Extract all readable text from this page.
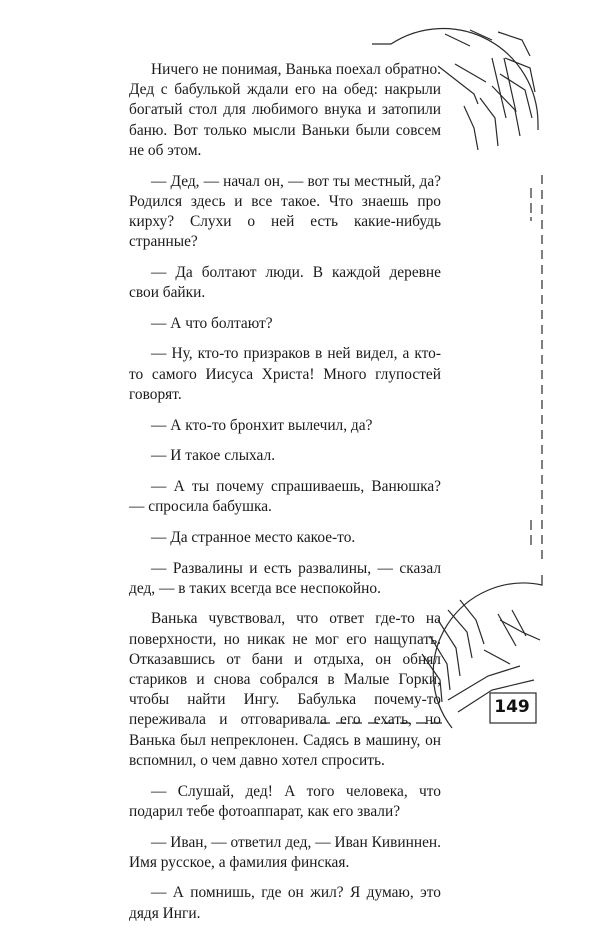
Ничего не понимая, Ванька поехал обратно. Дед с бабулькой ждали его на обед: накрыли богатый стол для любимого внука и затопили баню. Вот только мысли Ваньки были совсем не об этом.

— Дед, — начал он, — вот ты местный, да? Родился здесь и все такое. Что знаешь про кирху? Слухи о ней есть какие-нибудь странные?

— Да болтают люди. В каждой деревне свои байки.

— А что болтают?

— Ну, кто-то призраков в ней видел, а кто-то самого Иисуса Христа! Много глупостей говорят.

— А кто-то бронхит вылечил, да?

— И такое слыхал.

— А ты почему спрашиваешь, Ванюшка? — спросила бабушка.

— Да странное место какое-то.

— Развалины и есть развалины, — сказал дед, — в таких всегда все неспокойно.

Ванька чувствовал, что ответ где-то на поверхности, но никак не мог его нащупать. Отказавшись от бани и отдыха, он обнял стариков и снова собрался в Малые Горки, чтобы найти Ингу. Бабулька почему-то переживала и отговаривала его ехать, но Ванька был непреклонен. Садясь в машину, он вспомнил, о чем давно хотел спросить.

— Слушай, дед! А того человека, что подарил тебе фотоаппарат, как его звали?

— Иван, — ответил дед, — Иван Кивиннен. Имя русское, а фамилия финская.

— А помнишь, где он жил? Я думаю, это дядя Инги.

149
